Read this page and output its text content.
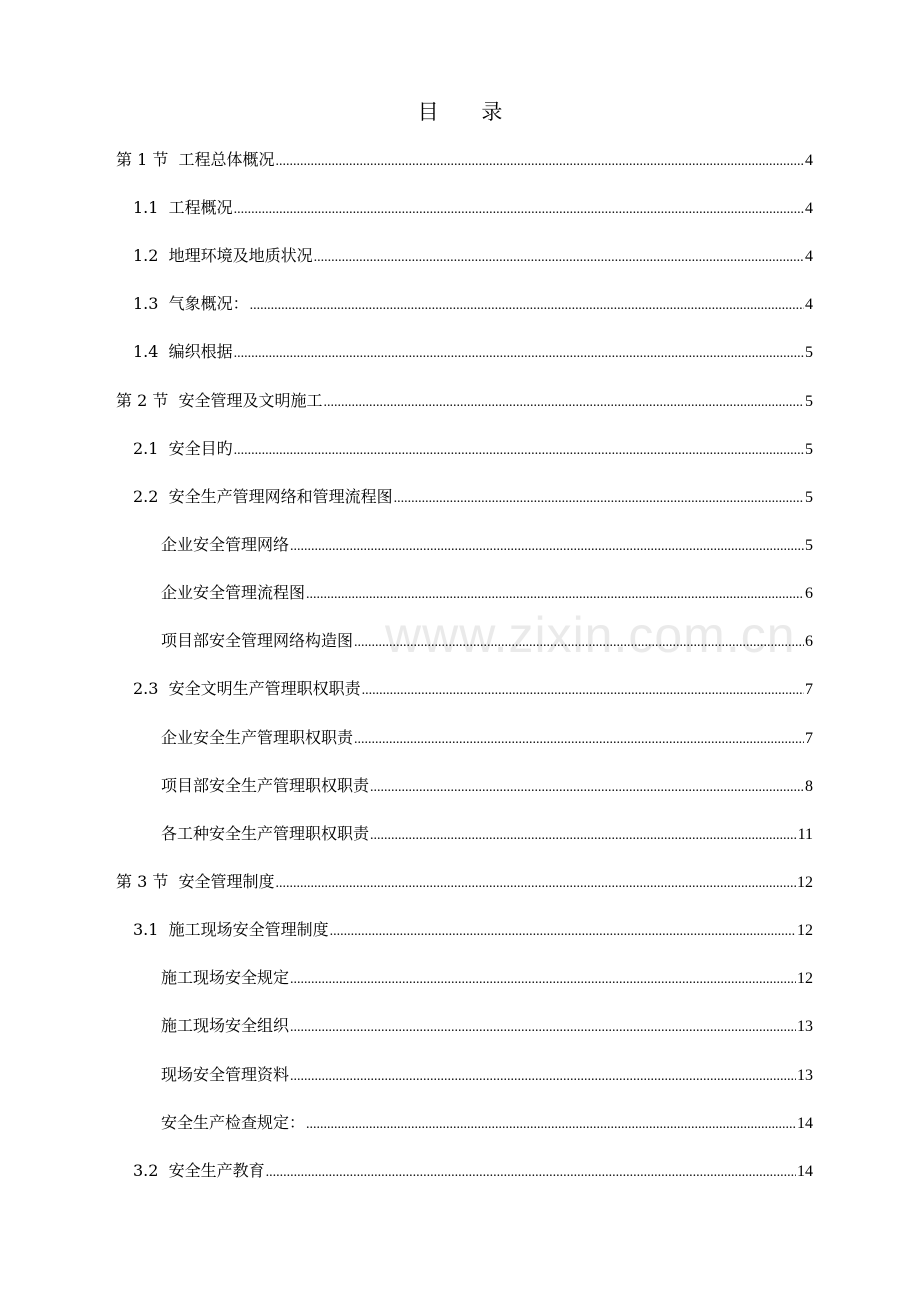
目 录
www.zixin.com.cn
第 1 节  工程总体概况 .....	4
1.1  工程概况 .....	4
1.2  地理环境及地质状况 .....	4
1.3  气象概况： .....	4
1.4  编织根据 .....	5
第 2 节  安全管理及文明施工 .....	5
2.1  安全目旳 .....	5
2.2  安全生产管理网络和管理流程图 .....	5
企业安全管理网络 .....	5
企业安全管理流程图 .....	6
项目部安全管理网络构造图 .....	6
2.3  安全文明生产管理职权职责 .....	7
企业安全生产管理职权职责 .....	7
项目部安全生产管理职权职责 .....	8
各工种安全生产管理职权职责 .....	11
第 3 节  安全管理制度 .....	12
3.1  施工现场安全管理制度 .....	12
施工现场安全规定 .....	12
施工现场安全组织 .....	13
现场安全管理资料 .....	13
安全生产检查规定： .....	14
3.2  安全生产教育 .....	14
